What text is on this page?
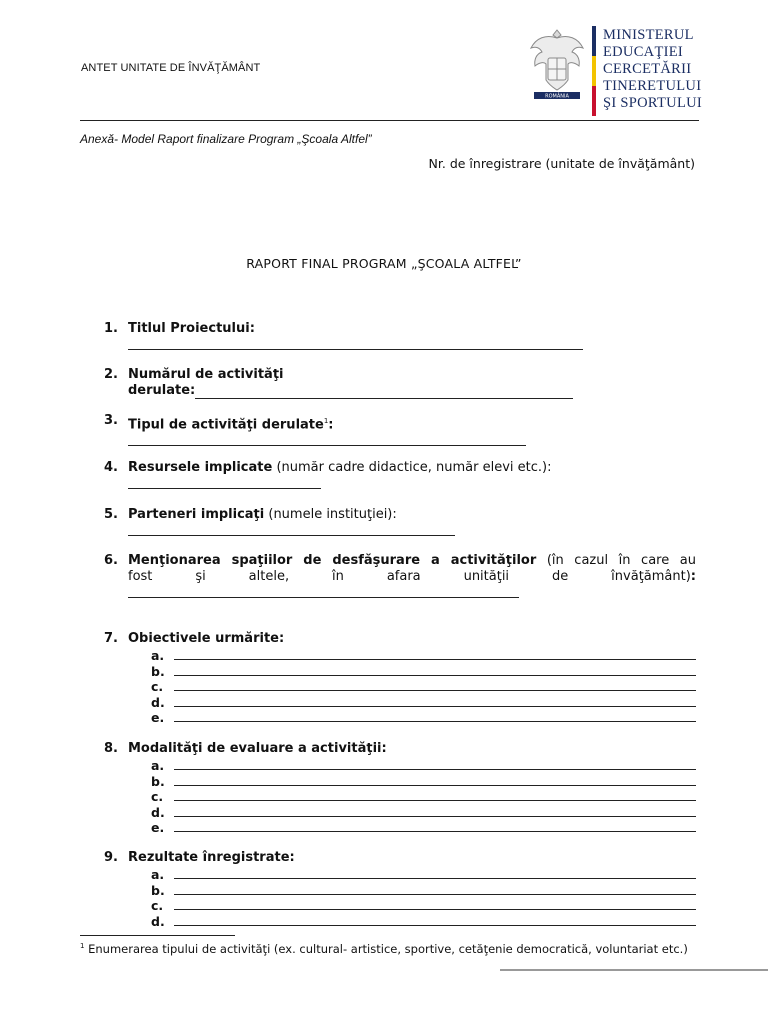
ANTET UNITATE DE ÎNVĂŢĂMÂNT
ROMÂNIA
MINISTERUL
EDUCAŢIEI
CERCETĂRII
TINERETULUI
ŞI SPORTULUI
Anexă- Model Raport finalizare Program „Şcoala Altfel”
Nr. de înregistrare (unitate de învăţământ)
RAPORT FINAL PROGRAM „ŞCOALA ALTFEL”
1. Titlul Proiectului:
2. Numărul de activităţi
derulate:
3. Tipul de activităţi derulate$^1$:
4. Resursele implicate (număr cadre didactice, număr elevi etc.):
5. Parteneri implicaţi (numele instituţiei):
6. Menţionarea spaţiilor de desfăşurare a activităţilor (în cazul în care au
fost şi altele, în afara unităţii de învăţământ):
7. Obiectivele urmărite:
a.
b.
c.
d.
e.
8. Modalităţi de evaluare a activităţii:
a.
b.
c.
d.
e.
9. Rezultate înregistrate:
a.
b.
c.
d.
$^1$ Enumerarea tipului de activităţi (ex. cultural- artistice, sportive, cetăţenie democratică, voluntariat etc.)
